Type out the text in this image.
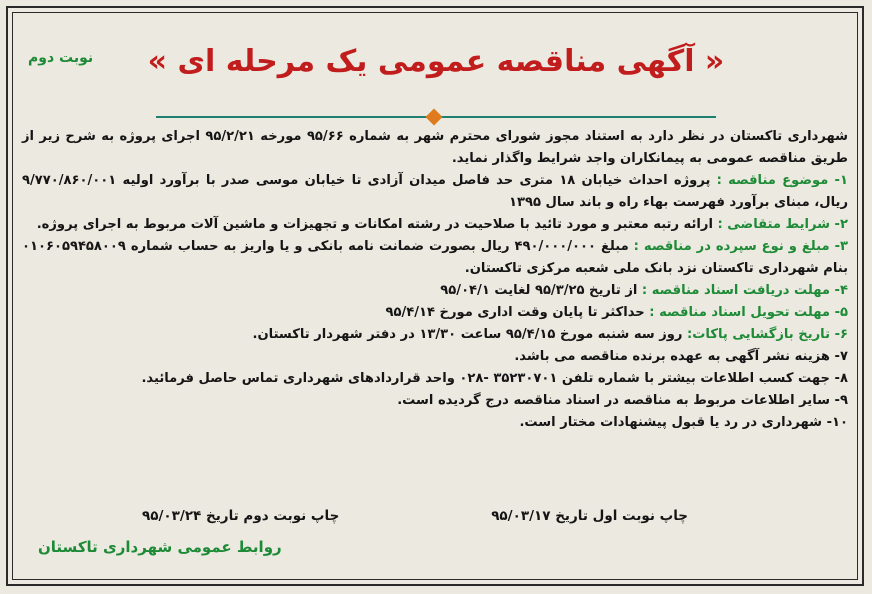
نوبت دوم	« آگهی مناقصه عمومی یک مرحله ای »

شهرداری تاکستان در نظر دارد به استناد مجوز شورای محترم شهر به شماره ۹۵/۶۶ مورخه ۹۵/۲/۲۱ اجرای پروژه به شرح زیر از طریق مناقصه عمومی به پیمانکاران واجد شرایط واگذار نماید.

۱- موضوع مناقصه : پروژه احداث خیابان ۱۸ متری حد فاصل میدان آزادی تا خیابان موسی صدر با برآورد اولیه ۹/۷۷۰/۸۶۰/۰۰۱ ریال، مبنای برآورد فهرست بهاء راه و باند سال ۱۳۹۵

۲- شرایط متقاضی : ارائه رتبه معتبر و مورد تائید با صلاحیت در رشته امکانات و تجهیزات و ماشین آلات مربوط به اجرای پروژه.

۳- مبلغ و نوع سپرده در مناقصه : مبلغ ۴۹۰/۰۰۰/۰۰۰ ریال بصورت ضمانت نامه بانکی و یا واریز به حساب شماره ۰۱۰۶۰۵۹۴۵۸۰۰۹ بنام شهرداری تاکستان نزد بانک ملی شعبه مرکزی تاکستان.

۴- مهلت دریافت اسناد مناقصه : از تاریخ ۹۵/۳/۲۵ لغایت ۹۵/۰۴/۱

۵- مهلت تحویل اسناد مناقصه : حداکثر تا پایان وقت اداری مورخ ۹۵/۴/۱۴

۶- تاریخ بازگشایی پاکات: روز سه شنبه مورخ ۹۵/۴/۱۵ ساعت ۱۳/۳۰ در دفتر شهردار تاکستان.

۷- هزینه نشر آگهی به عهده برنده مناقصه می باشد.

۸- جهت کسب اطلاعات بیشتر با شماره تلفن ۳۵۲۳۰۷۰۱ -۰۲۸ واحد قراردادهای شهرداری تماس حاصل فرمائید.

۹- سایر اطلاعات مربوط به مناقصه در اسناد مناقصه درج گردیده است.

۱۰- شهرداری در رد یا قبول پیشنهادات مختار است.

چاپ نوبت اول تاریخ ۹۵/۰۳/۱۷
چاپ نوبت دوم تاریخ ۹۵/۰۳/۲۴

روابط عمومی شهرداری تاکستان
